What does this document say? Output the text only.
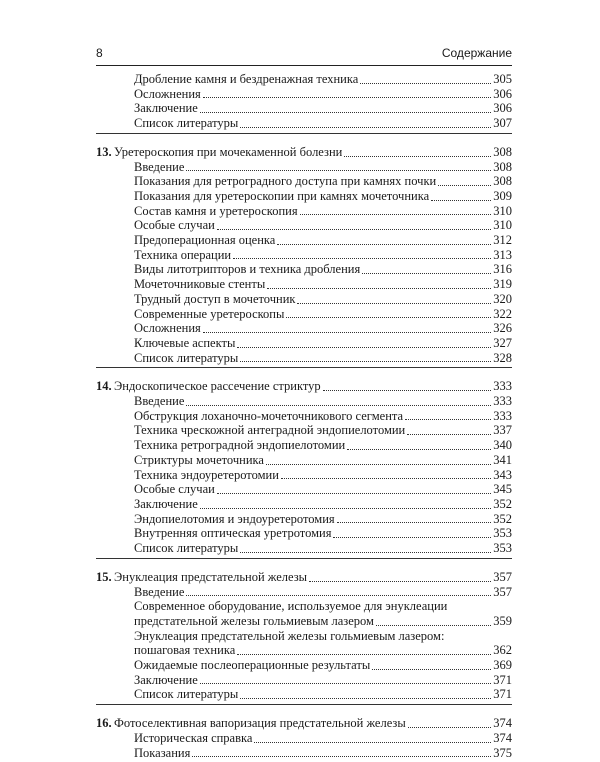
8	Содержание
Дробление камня и бездренажная техника	305
Осложнения	306
Заключение	306
Список литературы	307
13. Уретероскопия при мочекаменной болезни	308
Введение	308
Показания для ретроградного доступа при камнях почки	308
Показания для уретероскопии при камнях мочеточника	309
Состав камня и уретероскопия	310
Особые случаи	310
Предоперационная оценка	312
Техника операции	313
Виды литотрипторов и техника дробления	316
Мочеточниковые стенты	319
Трудный доступ в мочеточник	320
Современные уретероскопы	322
Осложнения	326
Ключевые аспекты	327
Список литературы	328
14. Эндоскопическое рассечение стриктур	333
Введение	333
Обструкция лоханочно-мочеточникового сегмента	333
Техника чрескожной антеградной эндопиелотомии	337
Техника ретроградной эндопиелотомии	340
Стриктуры мочеточника	341
Техника эндоуретеротомии	343
Особые случаи	345
Заключение	352
Эндопиелотомия и эндоуретеротомия	352
Внутренняя оптическая уретротомия	353
Список литературы	353
15. Энуклеация предстательной железы	357
Введение	357
Современное оборудование, используемое для энуклеации
предстательной железы гольмиевым лазером	359
Энуклеация предстательной железы гольмиевым лазером:
пошаговая техника	362
Ожидаемые послеоперационные результаты	369
Заключение	371
Список литературы	371
16. Фотоселективная вапоризация предстательной железы	374
Историческая справка	374
Показания	375
